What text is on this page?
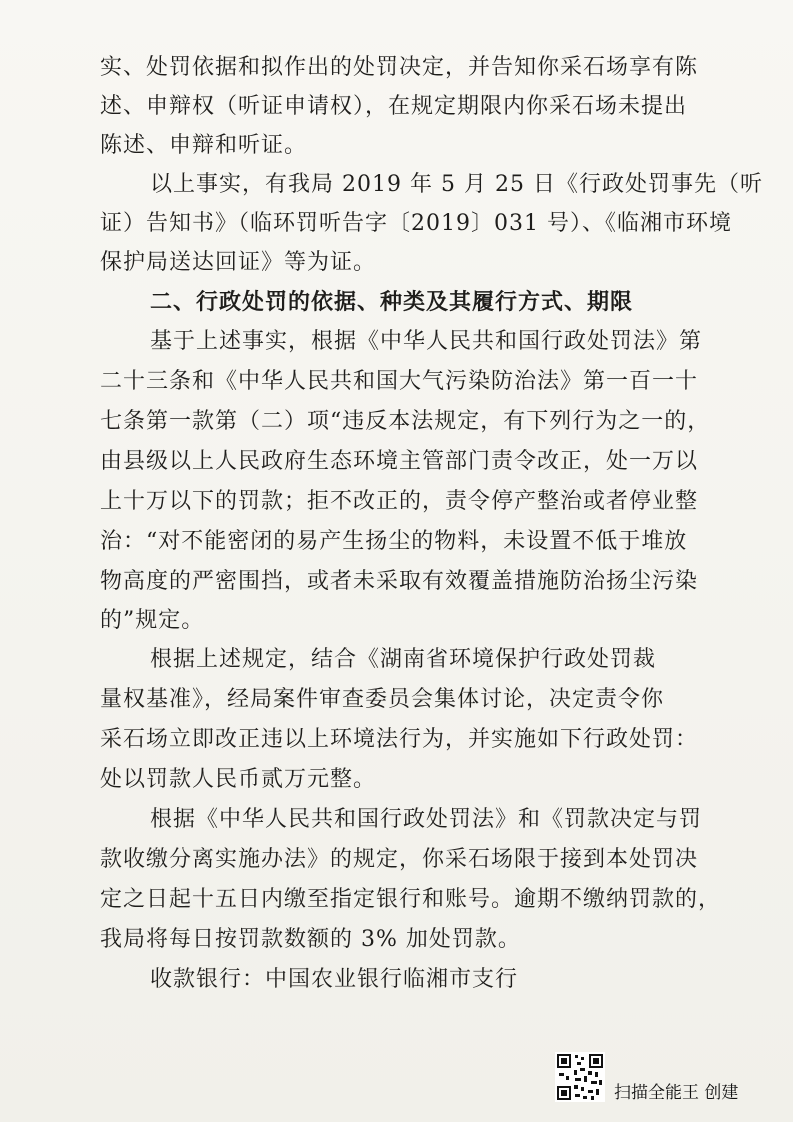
实、处罚依据和拟作出的处罚决定，并告知你采石场享有陈
述、申辩权（听证申请权），在规定期限内你采石场未提出
陈述、申辩和听证。
以上事实，有我局 2019 年 5 月 25 日《行政处罚事先（听
证）告知书》（临环罚听告字〔2019〕031 号）、《临湘市环境
保护局送达回证》等为证。
二、行政处罚的依据、种类及其履行方式、期限
基于上述事实，根据《中华人民共和国行政处罚法》第
二十三条和《中华人民共和国大气污染防治法》第一百一十
七条第一款第（二）项“违反本法规定，有下列行为之一的，
由县级以上人民政府生态环境主管部门责令改正，处一万以
上十万以下的罚款；拒不改正的，责令停产整治或者停业整
治：“对不能密闭的易产生扬尘的物料，未设置不低于堆放
物高度的严密围挡，或者未采取有效覆盖措施防治扬尘污染
的”规定。
根据上述规定，结合《湖南省环境保护行政处罚裁
量权基准》，经局案件审查委员会集体讨论，决定责令你
采石场立即改正违以上环境法行为，并实施如下行政处罚：
处以罚款人民币贰万元整。
根据《中华人民共和国行政处罚法》和《罚款决定与罚
款收缴分离实施办法》的规定，你采石场限于接到本处罚决
定之日起十五日内缴至指定银行和账号。逾期不缴纳罚款的，
我局将每日按罚款数额的 3% 加处罚款。
收款银行：中国农业银行临湘市支行
扫描全能王 创建
